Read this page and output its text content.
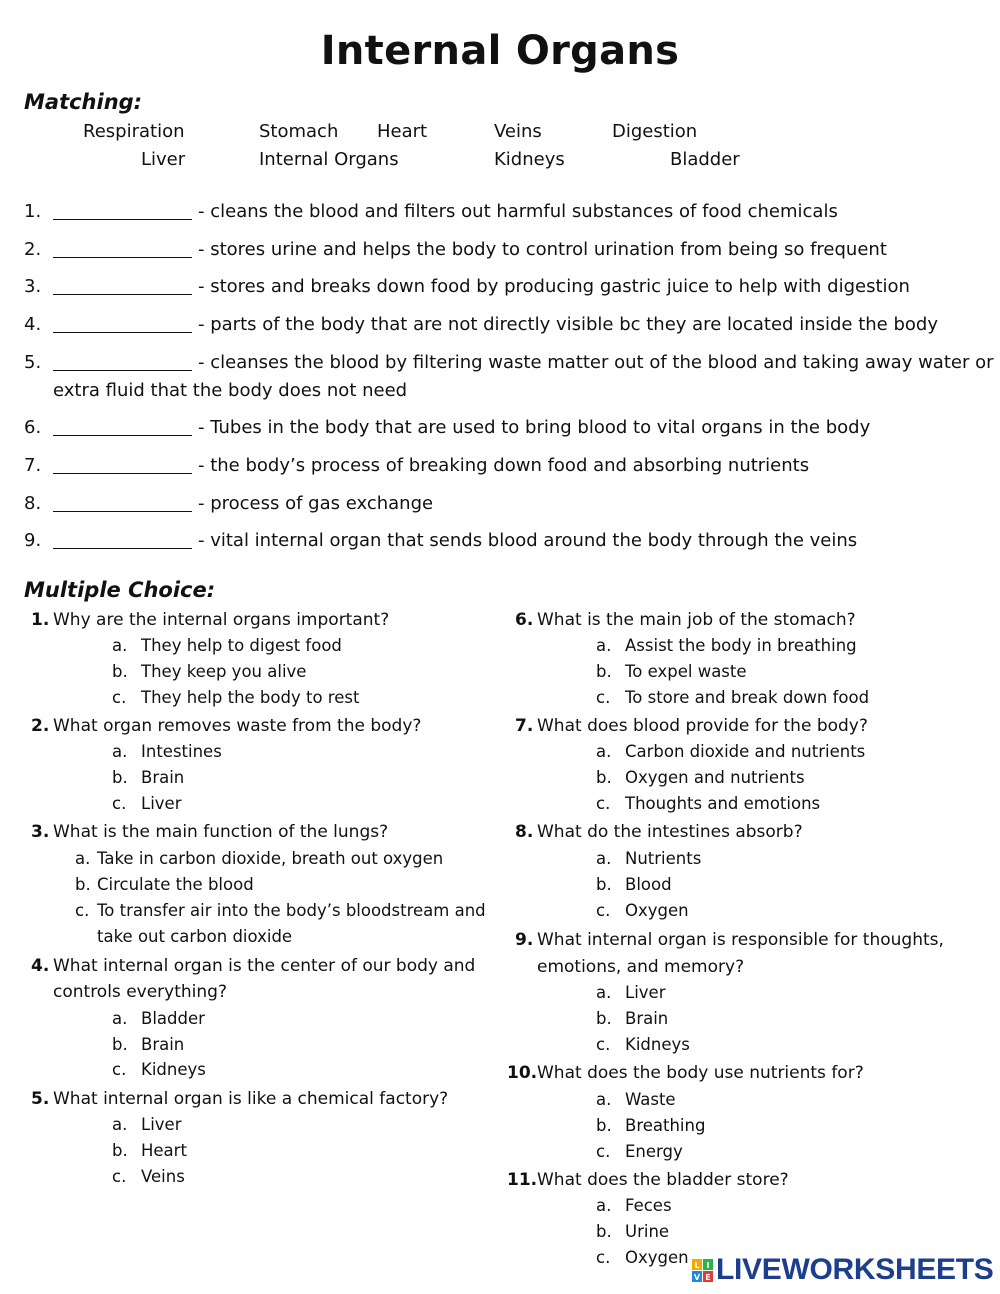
Internal Organs
Matching:
Respiration	Stomach Heart	Veins	Digestion
Liver	Internal Organs	Kidneys	Bladder
1.	- cleans the blood and filters out harmful substances of food chemicals
2.	- stores urine and helps the body to control urination from being so frequent
3.	- stores and breaks down food by producing gastric juice to help with digestion
4.	- parts of the body that are not directly visible bc they are located inside the body
5.	- cleanses the blood by filtering waste matter out of the blood and taking away water or
extra fluid that the body does not need
6.	- Tubes in the body that are used to bring blood to vital organs in the body
7.	- the body’s process of breaking down food and absorbing nutrients
8.	- process of gas exchange
9.	- vital internal organ that sends blood around the body through the veins
Multiple Choice:
1. Why are the internal organs important?
a. They help to digest food
b. They keep you alive
c. They help the body to rest
2. What organ removes waste from the body?
a. Intestines
b. Brain
c. Liver
3. What is the main function of the lungs?
a. Take in carbon dioxide, breath out oxygen
b. Circulate the blood
c. To transfer air into the body’s bloodstream and
take out carbon dioxide
4. What internal organ is the center of our body and
controls everything?
a. Bladder
b. Brain
c. Kidneys
5. What internal organ is like a chemical factory?
a. Liver
b. Heart
c. Veins
6. What is the main job of the stomach?
a. Assist the body in breathing
b. To expel waste
c. To store and break down food
7. What does blood provide for the body?
a. Carbon dioxide and nutrients
b. Oxygen and nutrients
c. Thoughts and emotions
8. What do the intestines absorb?
a. Nutrients
b. Blood
c. Oxygen
9. What internal organ is responsible for thoughts,
emotions, and memory?
a. Liver
b. Brain
c. Kidneys
10. What does the body use nutrients for?
a. Waste
b. Breathing
c. Energy
11. What does the bladder store?
a. Feces
b. Urine
c. Oxygen L I
V E LIVEWORKSHEETS
